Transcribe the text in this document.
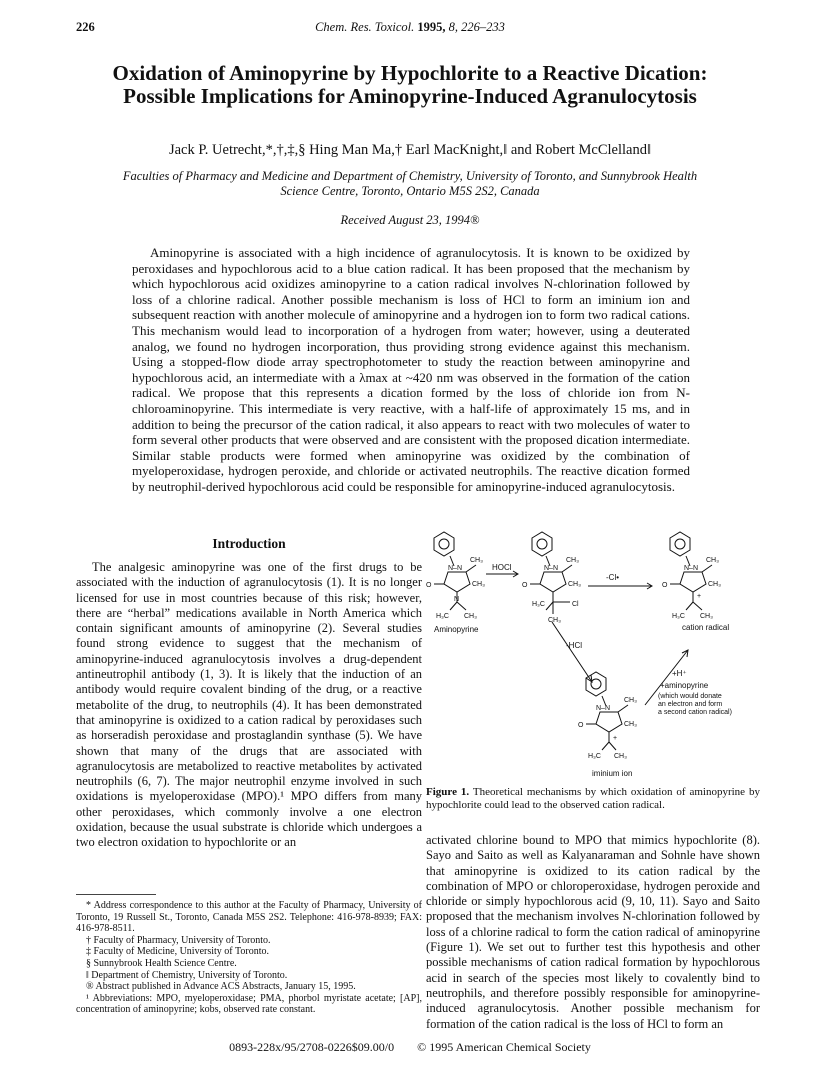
226	Chem. Res. Toxicol. 1995, 8, 226–233
Oxidation of Aminopyrine by Hypochlorite to a Reactive Dication: Possible Implications for Aminopyrine-Induced Agranulocytosis
Jack P. Uetrecht,*,†,‡,§ Hing Man Ma,† Earl MacKnight,‖ and Robert McClelland‖
Faculties of Pharmacy and Medicine and Department of Chemistry, University of Toronto, and Sunnybrook Health Science Centre, Toronto, Ontario M5S 2S2, Canada
Received August 23, 1994®
Aminopyrine is associated with a high incidence of agranulocytosis. It is known to be oxidized by peroxidases and hypochlorous acid to a blue cation radical. It has been proposed that the mechanism by which hypochlorous acid oxidizes aminopyrine to a cation radical involves N-chlorination followed by loss of a chlorine radical. Another possible mechanism is loss of HCl to form an iminium ion and subsequent reaction with another molecule of aminopyrine and a hydrogen ion to form two radical cations. This mechanism would lead to incorporation of a hydrogen from water; however, using a deuterated analog, we found no hydrogen incorporation, thus providing strong evidence against this mechanism. Using a stopped-flow diode array spectrophotometer to study the reaction between aminopyrine and hypochlorous acid, an intermediate with a λmax at ~420 nm was observed in the formation of the cation radical. We propose that this represents a dication formed by the loss of chloride ion from N-chloroaminopyrine. This intermediate is very reactive, with a half-life of approximately 15 ms, and in addition to being the precursor of the cation radical, it also appears to react with two molecules of water to form several other products that were observed and are consistent with the proposed dication intermediate. Similar stable products were formed when aminopyrine was oxidized by the combination of myeloperoxidase, hydrogen peroxide, and chloride or activated neutrophils. The reactive dication formed by neutrophil-derived hypochlorous acid could be responsible for aminopyrine-induced agranulocytosis.
Introduction
The analgesic aminopyrine was one of the first drugs to be associated with the induction of agranulocytosis (1). It is no longer licensed for use in most countries because of this risk; however, there are “herbal” medications available in North America which contain significant amounts of aminopyrine (2). Several studies found strong evidence to suggest that the mechanism of aminopyrine-induced agranulocytosis involves a drug-dependent antineutrophil antibody (1, 3). It is likely that the induction of an antibody would require covalent binding of the drug, or a reactive metabolite of the drug, to neutrophils (4). It has been demonstrated that aminopyrine is oxidized to a cation radical by peroxidases such as horseradish peroxidase and prostaglandin synthase (5). We have shown that many of the drugs that are associated with agranulocytosis are metabolized to reactive metabolites by activated neutrophils (6, 7). The major neutrophil enzyme involved in such oxidations is myeloperoxidase (MPO).¹ MPO differs from many other peroxidases, which commonly involve a one electron oxidation, because the usual substrate is chloride which undergoes a two electron oxidation to hypochlorite or an

* Address correspondence to this author at the Faculty of Pharmacy, University of Toronto, 19 Russell St., Toronto, Canada M5S 2S2. Telephone: 416-978-8939; FAX: 416-978-8511.

† Faculty of Pharmacy, University of Toronto.

‡ Faculty of Medicine, University of Toronto.

§ Sunnybrook Health Science Centre.

‖ Department of Chemistry, University of Toronto.

® Abstract published in Advance ACS Abstracts, January 15, 1995.

¹ Abbreviations: MPO, myeloperoxidase; PMA, phorbol myristate acetate; [AP], concentration of aminopyrine; kobs, observed rate constant.

CH₃
CH₃
O
N–N
N
H₃C CH₃
Aminopyrine
HOCl
CH₃
CH₃
O
N–N
H₃C	Cl
CH₃
-Cl•
CH₃
CH₃
O
N–N
+
H₃C CH₃
cation radical
-HCl
+H⁺
+aminopyrine
(which would donate
an electron and form
a second cation radical)
CH₃
CH₃
O
N–N
+
H₃C CH₃
iminium ion
Figure 1. Theoretical mechanisms by which oxidation of aminopyrine by hypochlorite could lead to the observed cation radical.
activated chlorine bound to MPO that mimics hypochlorite (8). Sayo and Saito as well as Kalyanaraman and Sohnle have shown that aminopyrine is oxidized to its cation radical by the combination of MPO or chloroperoxidase, hydrogen peroxide and chloride or simply hypochlorous acid (9, 10, 11). Sayo and Saito proposed that the mechanism involves N-chlorination followed by loss of a chlorine radical to form the cation radical of aminopyrine (Figure 1). We set out to further test this hypothesis and other possible mechanisms of cation radical formation by hypochlorous acid in search of the species most likely to covalently bind to neutrophils, and therefore possibly responsible for aminopyrine-induced agranulocytosis. Another possible mechanism for formation of the cation radical is the loss of HCl to form an
0893-228x/95/2708-0226$09.00/0 © 1995 American Chemical Society
